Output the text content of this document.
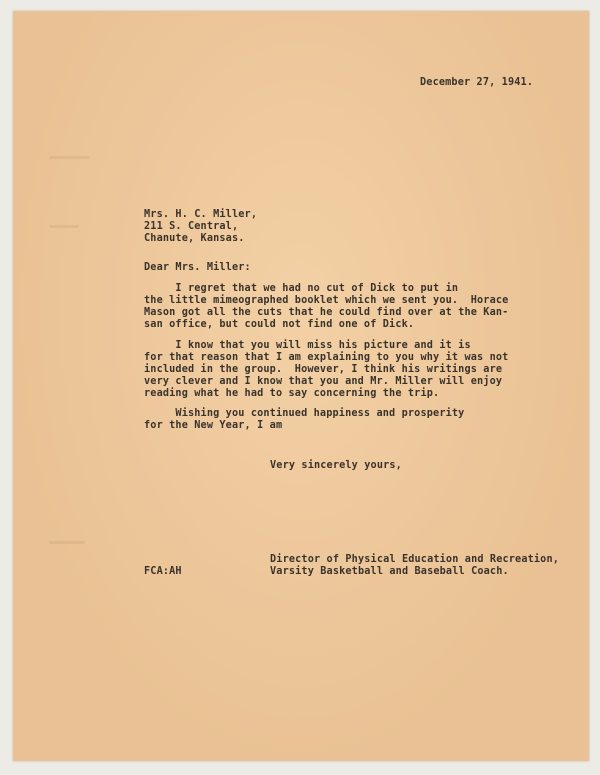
December 27, 1941.
Mrs. H. C. Miller,
211 S. Central,
Chanute, Kansas.
Dear Mrs. Miller:
I regret that we had no cut of Dick to put in
the little mimeographed booklet which we sent you.  Horace
Mason got all the cuts that he could find over at the Kan-
san office, but could not find one of Dick.
I know that you will miss his picture and it is
for that reason that I am explaining to you why it was not
included in the group.  However, I think his writings are
very clever and I know that you and Mr. Miller will enjoy
reading what he had to say concerning the trip.
Wishing you continued happiness and prosperity
for the New Year, I am
Very sincerely yours,
FCA:AH
Director of Physical Education and Recreation,
Varsity Basketball and Baseball Coach.
